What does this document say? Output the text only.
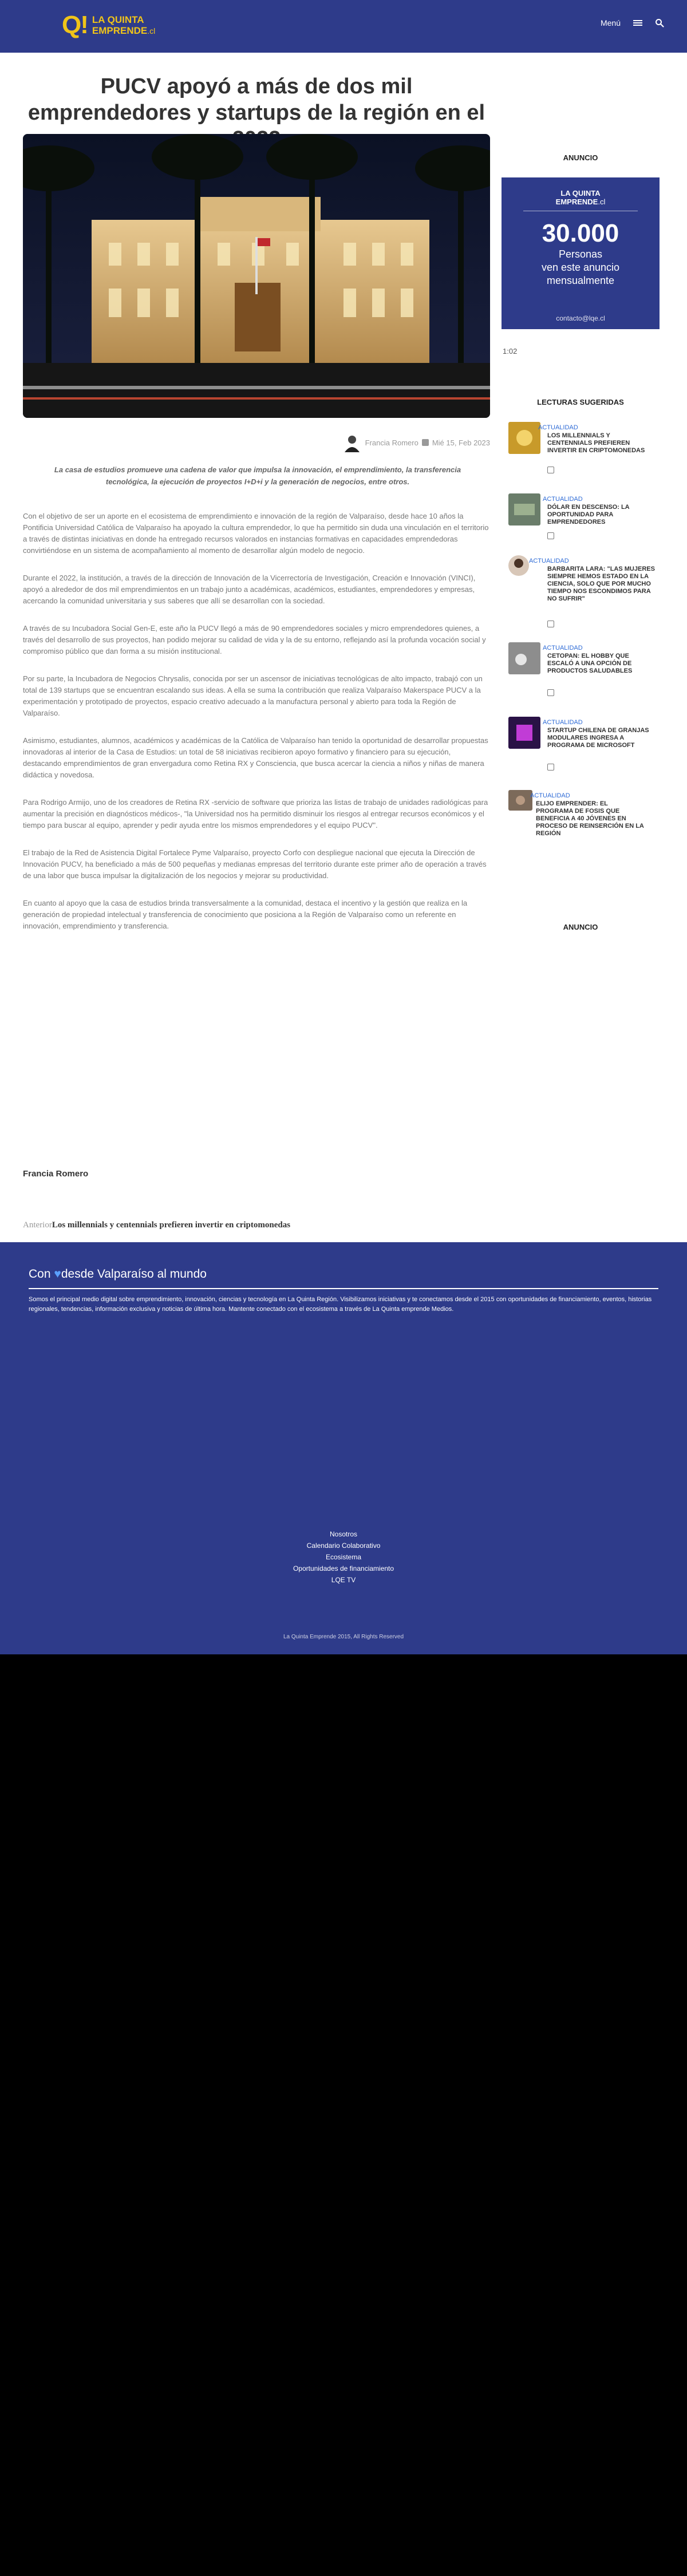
Q! LA QUINTA
EMPRENDE.cl
Menú
PUCV apoyó a más de dos mil emprendedores y startups de la región en el
Francia Romero Mié 15, Feb 2023

La casa de estudios promueve una cadena de valor que impulsa la innovación, el emprendimiento, la transferencia tecnológica, la ejecución de proyectos I+D+i y la generación de negocios, entre otros.

Con el objetivo de ser un aporte en el ecosistema de emprendimiento e innovación de la región de Valparaíso, desde hace 10 años la Pontificia Universidad Católica de Valparaíso ha apoyado la cultura emprendedor, lo que ha permitido sin duda una vinculación en el territorio a través de distintas iniciativas en donde ha entregado recursos valorados en instancias formativas en capacidades emprendedoras convirtiéndose en un sistema de acompañamiento al momento de desarrollar algún modelo de negocio.

Durante el 2022, la institución, a través de la dirección de Innovación de la Vicerrectoría de Investigación, Creación e Innovación (VINCI), apoyó a alrededor de dos mil emprendimientos en un trabajo junto a académicas, académicos, estudiantes, emprendedores y empresas, acercando la comunidad universitaria y sus saberes que allí se desarrollan con la sociedad.

A través de su Incubadora Social Gen-E, este año la PUCV llegó a más de 90 emprendedores sociales y micro emprendedores quienes, a través del desarrollo de sus proyectos, han podido mejorar su calidad de vida y la de su entorno, reflejando así la profunda vocación social y compromiso público que dan forma a su misión institucional.

Por su parte, la Incubadora de Negocios Chrysalis, conocida por ser un ascensor de iniciativas tecnológicas de alto impacto, trabajó con un total de 139 startups que se encuentran escalando sus ideas. A ella se suma la contribución que realiza Valparaíso Makerspace PUCV a la experimentación y prototipado de proyectos, espacio creativo adecuado a la manufactura personal y abierto para toda la Región de Valparaíso.

Asimismo, estudiantes, alumnos, académicos y académicas de la Católica de Valparaíso han tenido la oportunidad de desarrollar propuestas innovadoras al interior de la Casa de Estudios: un total de 58 iniciativas recibieron apoyo formativo y financiero para su ejecución, destacando emprendimientos de gran envergadura como Retina RX y Consciencia, que busca acercar la ciencia a niños y niñas de manera didáctica y novedosa.

Para Rodrigo Armijo, uno de los creadores de Retina RX -servicio de software que prioriza las listas de trabajo de unidades radiológicas para aumentar la precisión en diagnósticos médicos-, "la Universidad nos ha permitido disminuir los riesgos al entregar recursos económicos y el tiempo para buscar al equipo, aprender y pedir ayuda entre los mismos emprendedores y el equipo PUCV".

El trabajo de la Red de Asistencia Digital Fortalece Pyme Valparaíso, proyecto Corfo con despliegue nacional que ejecuta la Dirección de Innovación PUCV, ha beneficiado a más de 500 pequeñas y medianas empresas del territorio durante este primer año de operación a través de una labor que busca impulsar la digitalización de los negocios y mejorar su productividad.

En cuanto al apoyo que la casa de estudios brinda transversalmente a la comunidad, destaca el incentivo y la gestión que realiza en la generación de propiedad intelectual y transferencia de conocimiento que posiciona a la Región de Valparaíso como un referente en innovación, emprendimiento y transferencia.

Francia Romero
AnteriorLos millennials y centennials prefieren invertir en criptomonedas
ANUNCIO
LA QUINTA
EMPRENDE.cl
30.000
Personas
ven este anuncio
mensualmente
contacto@lqe.cl
1:02
LECTURAS SUGERIDAS
ACTUALIDAD
LOS MILLENNIALS Y CENTENNIALS PREFIEREN INVERTIR EN CRIPTOMONEDAS
ACTUALIDAD
DÓLAR EN DESCENSO: LA OPORTUNIDAD PARA EMPRENDEDORES
ACTUALIDAD
BARBARITA LARA: "LAS MUJERES SIEMPRE HEMOS ESTADO EN LA CIENCIA, SOLO QUE POR MUCHO TIEMPO NOS ESCONDIMOS PARA NO SUFRIR"
ACTUALIDAD
CETOPAN: EL HOBBY QUE ESCALÓ A UNA OPCIÓN DE PRODUCTOS SALUDABLES
ACTUALIDAD
STARTUP CHILENA DE GRANJAS MODULARES INGRESA A PROGRAMA DE MICROSOFT
ACTUALIDAD
ELIJO EMPRENDER: EL PROGRAMA DE FOSIS QUE BENEFICIA A 40 JÓVENES EN PROCESO DE REINSERCIÓN EN LA REGIÓN
ANUNCIO
Con ♥desde Valparaíso al mundo

Somos el principal medio digital sobre emprendimiento, innovación, ciencias y tecnología en La Quinta Región. Visibilizamos iniciativas y te conectamos desde el 2015 con oportunidades de financiamiento, eventos, historias regionales, tendencias, información exclusiva y noticias de última hora. Mantente conectado con el ecosistema a través de La Quinta emprende Medios.

Nosotros
Calendario Colaborativo
Ecosistema
Oportunidades de financiamiento
LQE TV
La Quinta Emprende 2015, All Rights Reserved
